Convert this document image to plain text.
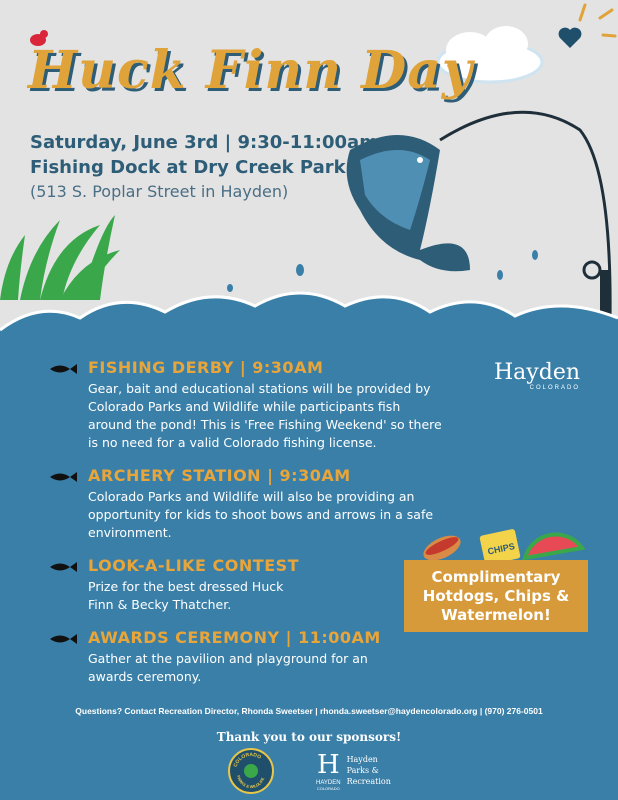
CHIPS
Huck Finn Day
Saturday, June 3rd | 9:30-11:00am
Fishing Dock at Dry Creek Park
(513 S. Poplar Street in Hayden)
Hayden
COLORADO
FISHING DERBY | 9:30AM

Gear, bait and educational stations will be provided by Colorado Parks and Wildlife while participants fish around the pond! This is 'Free Fishing Weekend' so there is no need for a valid Colorado fishing license.

ARCHERY STATION | 9:30AM

Colorado Parks and Wildlife will also be providing an opportunity for kids to shoot bows and arrows in a safe environment.

LOOK-A-LIKE CONTEST

Prize for the best dressed Huck Finn & Becky Thatcher.

AWARDS CEREMONY | 11:00AM

Gather at the pavilion and playground for an awards ceremony.

Complimentary Hotdogs, Chips & Watermelon!
Questions? Contact Recreation Director, Rhonda Sweetser | rhonda.sweetser@haydencolorado.org | (970) 276-0501
Thank you to our sponsors!
COLORADO
PARKS & WILDLIFE H
HAYDEN
COLORADO
Hayden
Parks &
Recreation
